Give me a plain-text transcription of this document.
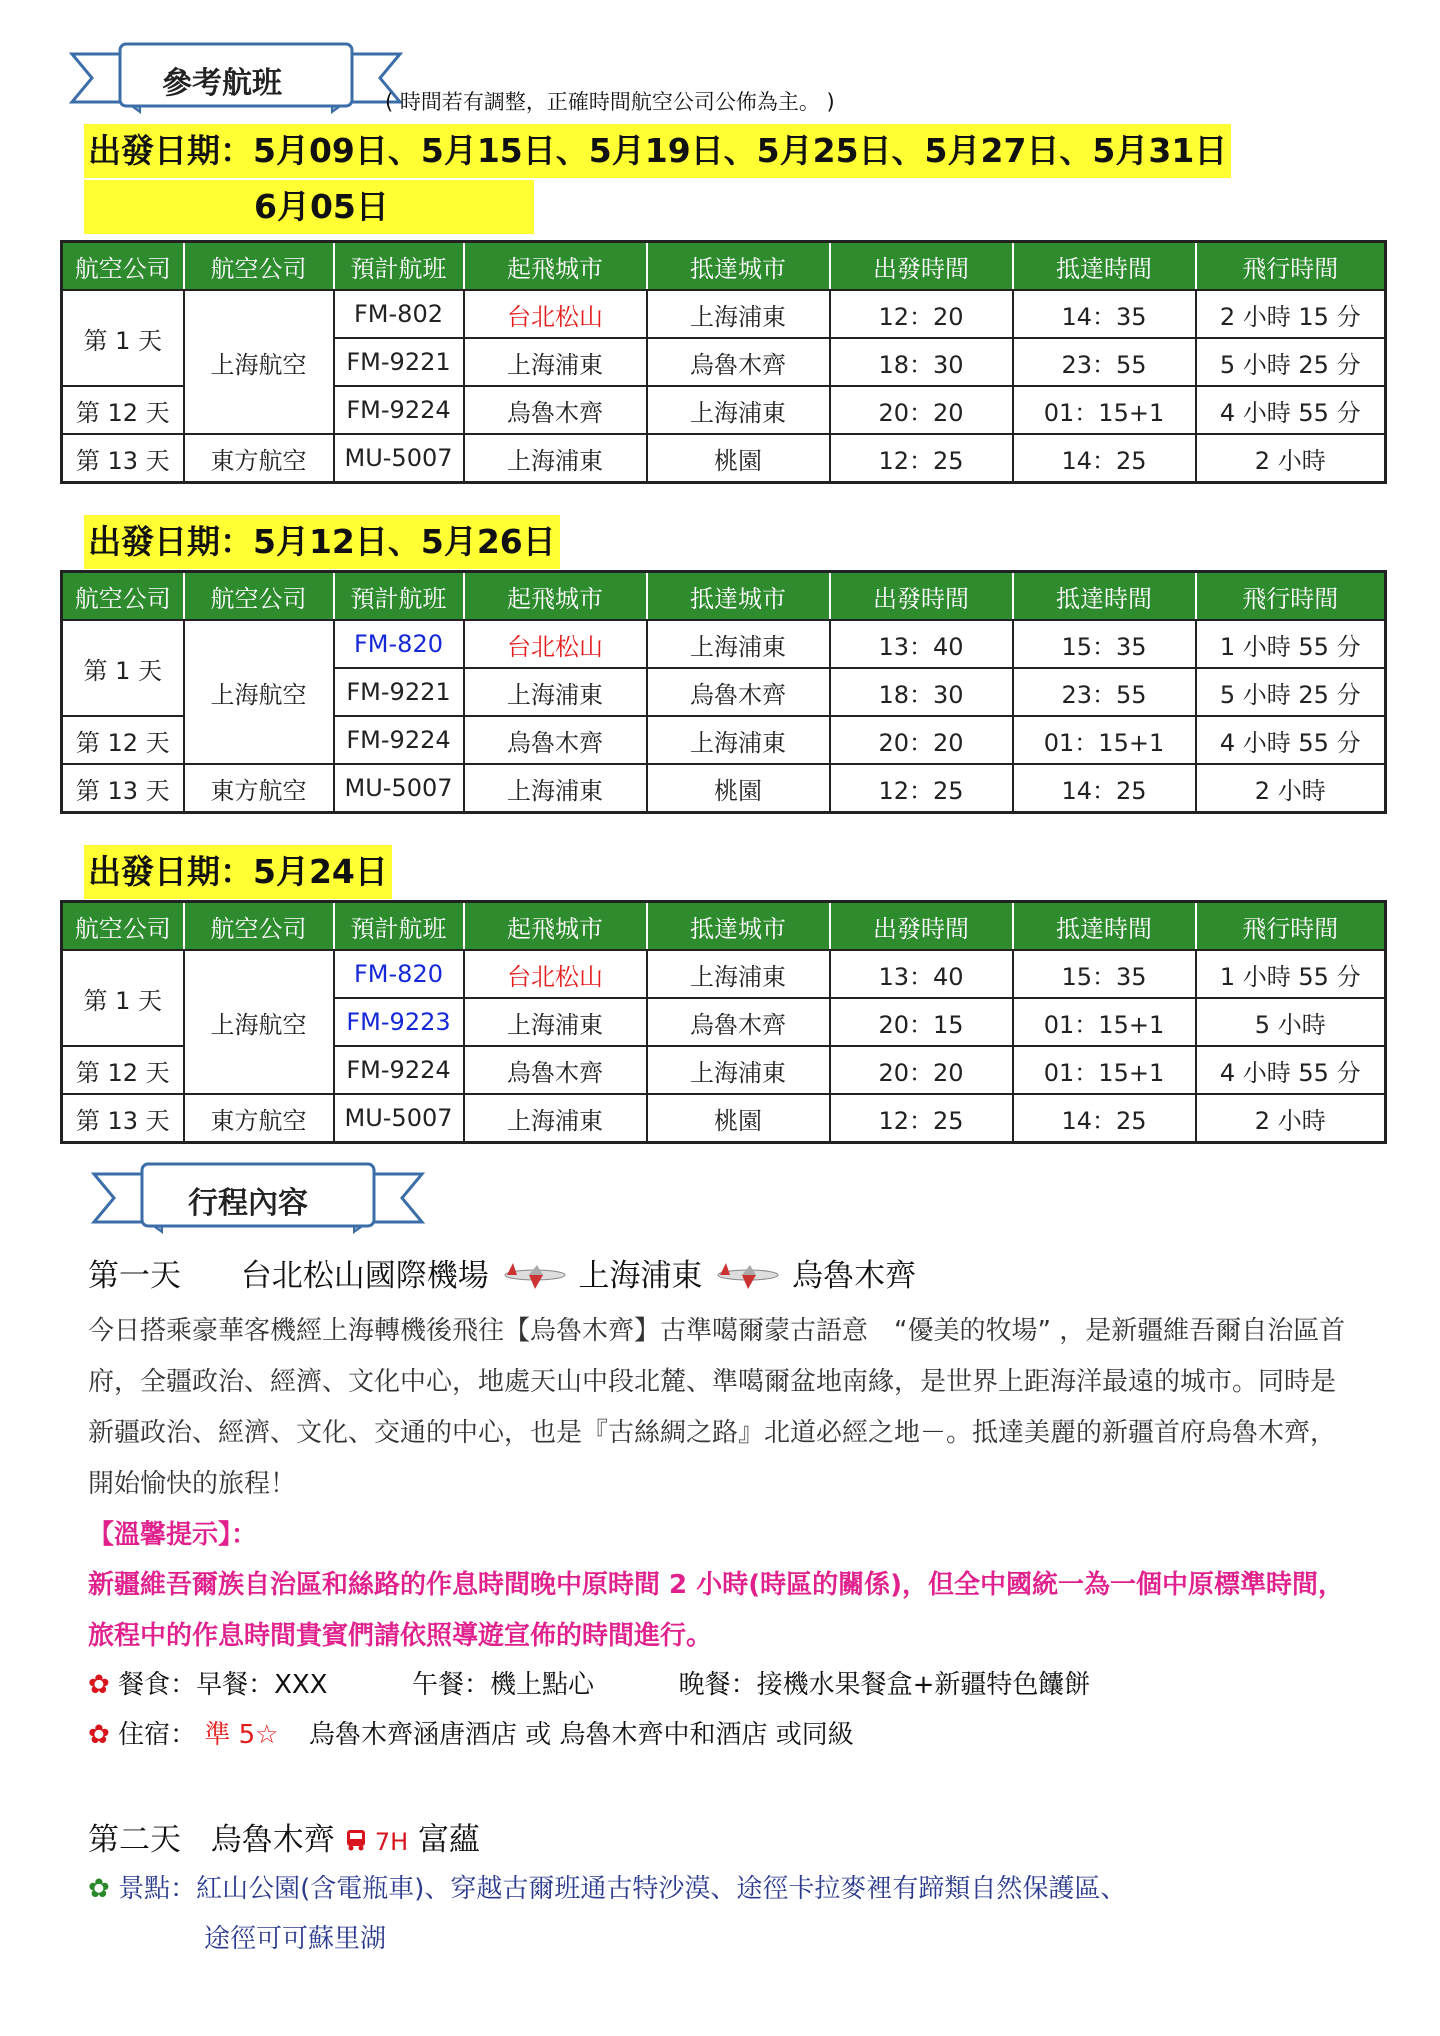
參考航班
( 時間若有調整，正確時間航空公司公佈為主。 )
出發日期：5月09日、5月15日、5月19日、5月25日、5月27日、5月31日
6月05日
航空公司	航空公司	預計航班	起飛城市	抵達城市	出發時間	抵達時間	飛行時間
第 1 天	上海航空	FM-802	台北松山	上海浦東	12：20	14：35	2 小時 15 分
		FM-9221	上海浦東	烏魯木齊	18：30	23：55	5 小時 25 分
第 12 天		FM-9224	烏魯木齊	上海浦東	20：20	01：15+1	4 小時 55 分
第 13 天	東方航空	MU-5007	上海浦東	桃園	12：25	14：25	2 小時
出發日期：5月12日、5月26日
航空公司	航空公司	預計航班	起飛城市	抵達城市	出發時間	抵達時間	飛行時間
第 1 天	上海航空	FM-820	台北松山	上海浦東	13：40	15：35	1 小時 55 分
		FM-9221	上海浦東	烏魯木齊	18：30	23：55	5 小時 25 分
第 12 天		FM-9224	烏魯木齊	上海浦東	20：20	01：15+1	4 小時 55 分
第 13 天	東方航空	MU-5007	上海浦東	桃園	12：25	14：25	2 小時
出發日期：5月24日
航空公司	航空公司	預計航班	起飛城市	抵達城市	出發時間	抵達時間	飛行時間
第 1 天	上海航空	FM-820	台北松山	上海浦東	13：40	15：35	1 小時 55 分
		FM-9223	上海浦東	烏魯木齊	20：15	01：15+1	5 小時
第 12 天		FM-9224	烏魯木齊	上海浦東	20：20	01：15+1	4 小時 55 分
第 13 天	東方航空	MU-5007	上海浦東	桃園	12：25	14：25	2 小時
行程內容
第一天 台北松山國際機場	上海浦東	烏魯木齊
今日搭乘豪華客機經上海轉機後飛往【烏魯木齊】古準噶爾蒙古語意　“優美的牧場” ，是新疆維吾爾自治區首府，全疆政治、經濟、文化中心，地處天山中段北麓、準噶爾盆地南緣，是世界上距海洋最遠的城市。同時是新疆政治、經濟、文化、交通的中心，也是『古絲綢之路』北道必經之地－。抵達美麗的新疆首府烏魯木齊，開始愉快的旅程！
【溫馨提示】：
新疆維吾爾族自治區和絲路的作息時間晚中原時間 2 小時(時區的關係)，但全中國統一為一個中原標準時間，旅程中的作息時間貴賓們請依照導遊宣佈的時間進行。
✿ 餐食：早餐：XXX	午餐：機上點心	晚餐：接機水果餐盒+新疆特色饢餅
✿ 住宿： 準 5☆ 烏魯木齊涵唐酒店 或 烏魯木齊中和酒店 或同級
第二天 烏魯木齊 7H 富蘊
✿ 景點：紅山公園(含電瓶車)、穿越古爾班通古特沙漠、途徑卡拉麥裡有蹄類自然保護區、
途徑可可蘇里湖
